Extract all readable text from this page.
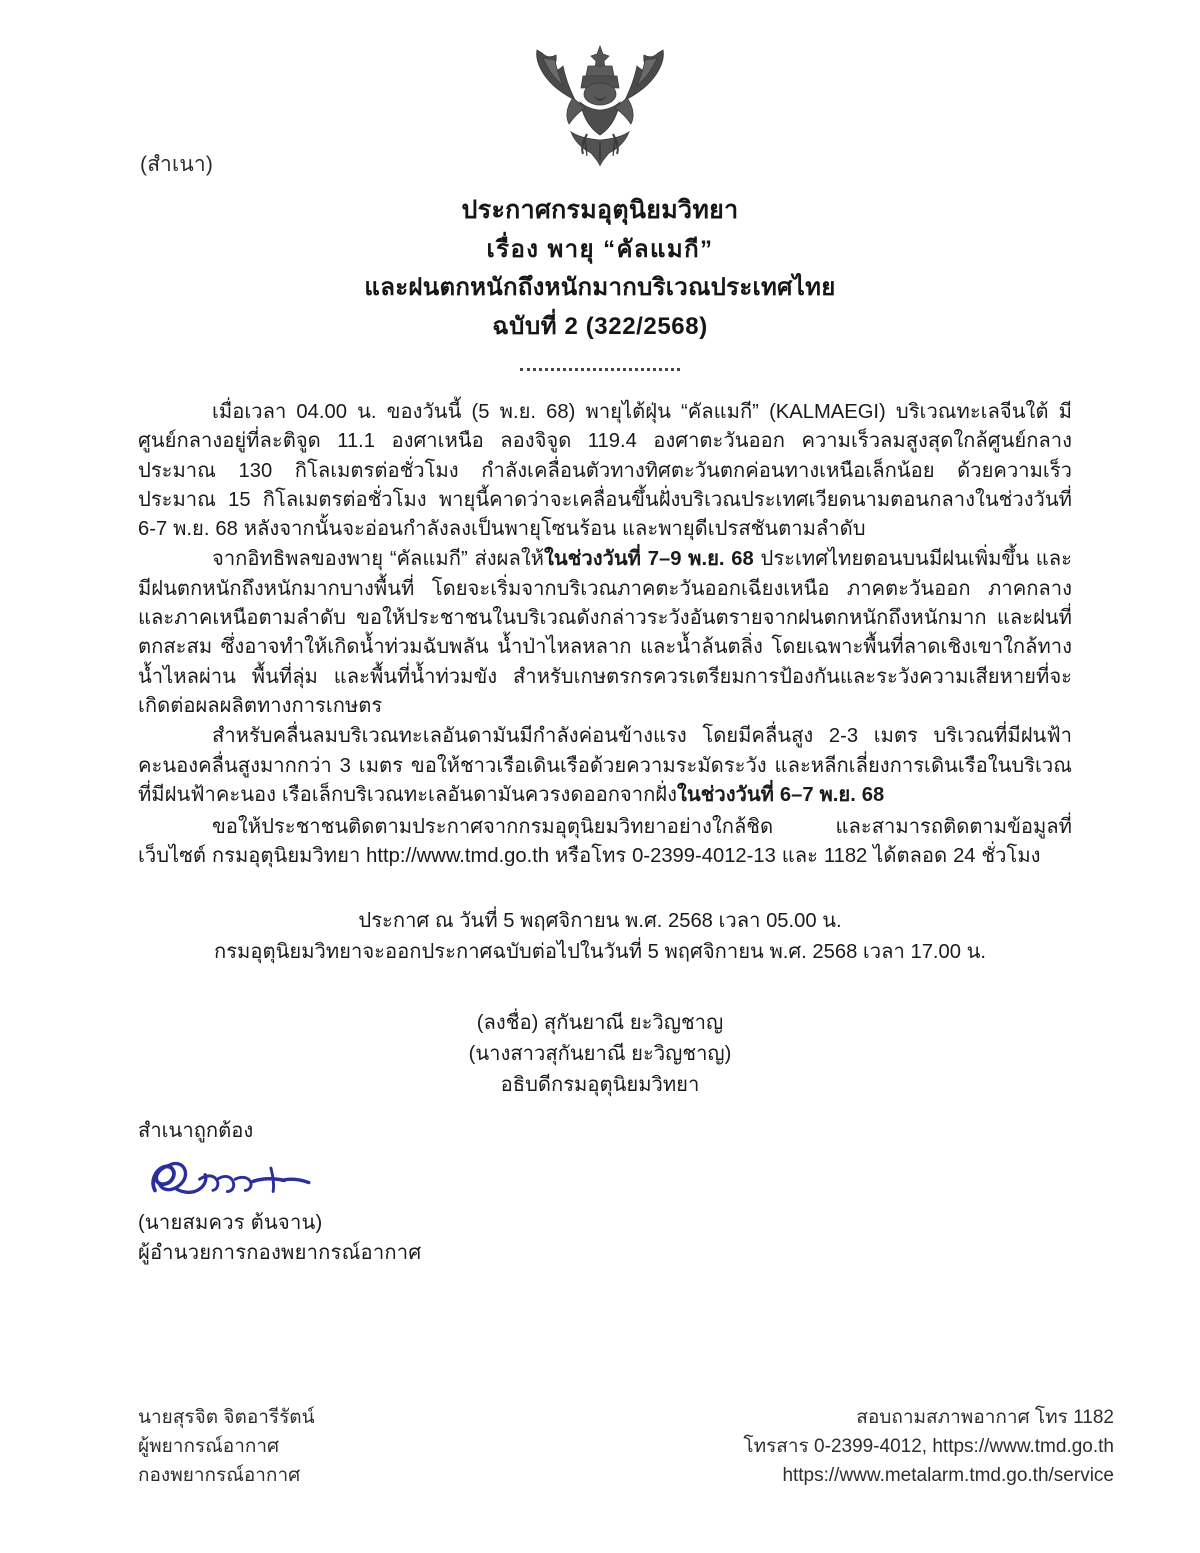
(สำเนา)
ประกาศกรมอุตุนิยมวิทยา
เรื่อง พายุ “คัลแมกี”
และฝนตกหนักถึงหนักมากบริเวณประเทศไทย
ฉบับที่ 2 (322/2568)

เมื่อเวลา 04.00 น. ของวันนี้ (5 พ.ย. 68) พายุไต้ฝุ่น “คัลแมกี” (KALMAEGI) บริเวณทะเลจีนใต้ มีศูนย์กลางอยู่ที่ละติจูด 11.1 องศาเหนือ ลองจิจูด 119.4 องศาตะวันออก ความเร็วลมสูงสุดใกล้ศูนย์กลางประมาณ 130 กิโลเมตรต่อชั่วโมง กำลังเคลื่อนตัวทางทิศตะวันตกค่อนทางเหนือเล็กน้อย ด้วยความเร็วประมาณ 15 กิโลเมตรต่อชั่วโมง พายุนี้คาดว่าจะเคลื่อนขึ้นฝั่งบริเวณประเทศเวียดนามตอนกลางในช่วงวันที่ 6-7 พ.ย. 68 หลังจากนั้นจะอ่อนกำลังลงเป็นพายุโซนร้อน และพายุดีเปรสชันตามลำดับ

จากอิทธิพลของพายุ “คัลแมกี” ส่งผลให้ในช่วงวันที่ 7–9 พ.ย. 68 ประเทศไทยตอนบนมีฝนเพิ่มขึ้น และมีฝนตกหนักถึงหนักมากบางพื้นที่ โดยจะเริ่มจากบริเวณภาคตะวันออกเฉียงเหนือ ภาคตะวันออก ภาคกลาง และภาคเหนือตามลำดับ ขอให้ประชาชนในบริเวณดังกล่าวระวังอันตรายจากฝนตกหนักถึงหนักมาก และฝนที่ตกสะสม ซึ่งอาจทำให้เกิดน้ำท่วมฉับพลัน น้ำป่าไหลหลาก และน้ำล้นตลิ่ง โดยเฉพาะพื้นที่ลาดเชิงเขาใกล้ทางน้ำไหลผ่าน พื้นที่ลุ่ม และพื้นที่น้ำท่วมขัง สำหรับเกษตรกรควรเตรียมการป้องกันและระวังความเสียหายที่จะเกิดต่อผลผลิตทางการเกษตร

สำหรับคลื่นลมบริเวณทะเลอันดามันมีกำลังค่อนข้างแรง โดยมีคลื่นสูง 2-3 เมตร บริเวณที่มีฝนฟ้าคะนองคลื่นสูงมากกว่า 3 เมตร ขอให้ชาวเรือเดินเรือด้วยความระมัดระวัง และหลีกเลี่ยงการเดินเรือในบริเวณที่มีฝนฟ้าคะนอง เรือเล็กบริเวณทะเลอันดามันควรงดออกจากฝั่งในช่วงวันที่ 6–7 พ.ย. 68

ขอให้ประชาชนติดตามประกาศจากกรมอุตุนิยมวิทยาอย่างใกล้ชิด และสามารถติดตามข้อมูลที่เว็บไซต์ กรมอุตุนิยมวิทยา http://www.tmd.go.th หรือโทร 0-2399-4012-13 และ 1182 ได้ตลอด 24 ชั่วโมง

ประกาศ ณ วันที่ 5 พฤศจิกายน พ.ศ. 2568 เวลา 05.00 น.
กรมอุตุนิยมวิทยาจะออกประกาศฉบับต่อไปในวันที่ 5 พฤศจิกายน พ.ศ. 2568 เวลา 17.00 น.
(ลงชื่อ) สุกันยาณี ยะวิญชาญ
(นางสาวสุกันยาณี ยะวิญชาญ)
อธิบดีกรมอุตุนิยมวิทยา
สำเนาถูกต้อง
(นายสมควร ต้นจาน)
ผู้อำนวยการกองพยากรณ์อากาศ
นายสุรจิต จิตอารีรัตน์
ผู้พยากรณ์อากาศ
กองพยากรณ์อากาศ
สอบถามสภาพอากาศ โทร 1182
โทรสาร 0-2399-4012, https://www.tmd.go.th
https://www.metalarm.tmd.go.th/service
